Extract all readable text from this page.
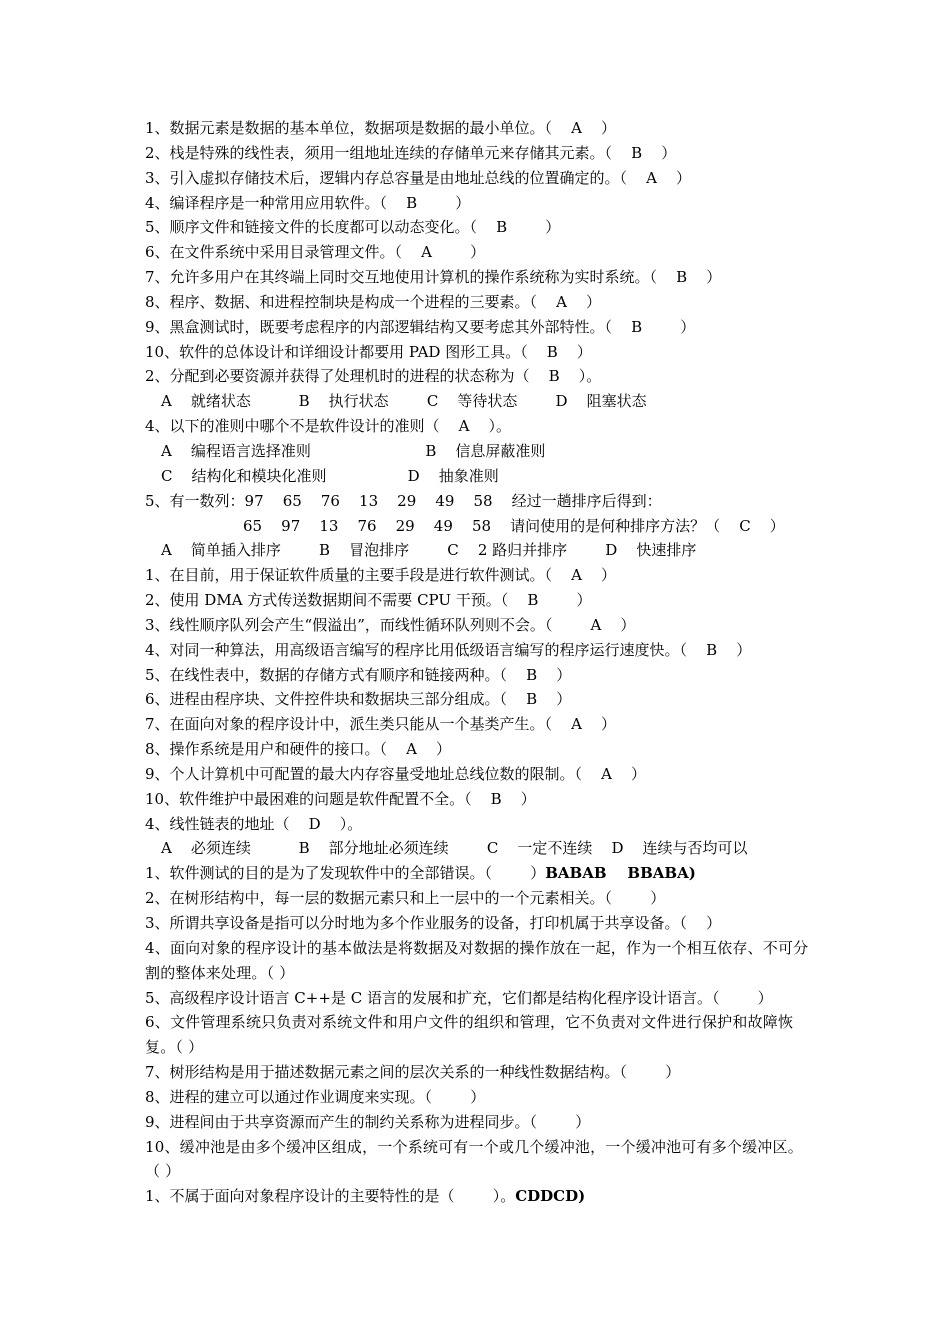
1、数据元素是数据的基本单位，数据项是数据的最小单位。（    A    ）
2、栈是特殊的线性表，须用一组地址连续的存储单元来存储其元素。（    B    ）
3、引入虚拟存储技术后，逻辑内存总容量是由地址总线的位置确定的。（    A    ）
4、编译程序是一种常用应用软件。（    B        ）
5、顺序文件和链接文件的长度都可以动态变化。（    B        ）
6、在文件系统中采用目录管理文件。（    A        ）
7、允许多用户在其终端上同时交互地使用计算机的操作系统称为实时系统。（    B    ）
8、程序、数据、和进程控制块是构成一个进程的三要素。（    A    ）
9、黑盒测试时，既要考虑程序的内部逻辑结构又要考虑其外部特性。（    B        ）
10、软件的总体设计和详细设计都要用 PAD 图形工具。（    B    ）
2、分配到必要资源并获得了处理机时的进程的状态称为（    B    ）。
A    就绪状态          B    执行状态        C    等待状态        D    阻塞状态
4、以下的准则中哪个不是软件设计的准则（    A    ）。
A    编程语言选择准则                        B    信息屏蔽准则
C    结构化和模块化准则                 D    抽象准则
5、有一数列：97    65    76    13    29    49    58    经过一趟排序后得到：
65    97    13    76    29    49    58    请问使用的是何种排序方法？（    C    ）
A    简单插入排序        B    冒泡排序        C    2 路归并排序        D    快速排序
1、在目前，用于保证软件质量的主要手段是进行软件测试。（    A    ）
2、使用 DMA 方式传送数据期间不需要 CPU 干预。（    B        ）
3、线性顺序队列会产生“假溢出”，而线性循环队列则不会。（        A    ）
4、对同一种算法，用高级语言编写的程序比用低级语言编写的程序运行速度快。（    B    ）
5、在线性表中，数据的存储方式有顺序和链接两种。（    B    ）
6、进程由程序块、文件控件块和数据块三部分组成。（    B    ）
7、在面向对象的程序设计中，派生类只能从一个基类产生。（    A    ）
8、操作系统是用户和硬件的接口。（    A    ）
9、个人计算机中可配置的最大内存容量受地址总线位数的限制。（    A    ）
10、软件维护中最困难的问题是软件配置不全。（    B    ）
4、线性链表的地址（    D    ）。
A    必须连续          B    部分地址必须连续        C    一定不连续    D    连续与否均可以
1、软件测试的目的是为了发现软件中的全部错误。（        ）BABAB    BBABA)
2、在树形结构中，每一层的数据元素只和上一层中的一个元素相关。（        ）
3、所谓共享设备是指可以分时地为多个作业服务的设备，打印机属于共享设备。（    ）
4、面向对象的程序设计的基本做法是将数据及对数据的操作放在一起，作为一个相互依存、不可分割的整体来处理。（ ）
5、高级程序设计语言 C++是 C 语言的发展和扩充，它们都是结构化程序设计语言。（        ）
6、文件管理系统只负责对系统文件和用户文件的组织和管理，它不负责对文件进行保护和故障恢复。（ ）
7、树形结构是用于描述数据元素之间的层次关系的一种线性数据结构。（        ）
8、进程的建立可以通过作业调度来实现。（        ）
9、进程间由于共享资源而产生的制约关系称为进程同步。（        ）
10、缓冲池是由多个缓冲区组成，一个系统可有一个或几个缓冲池，一个缓冲池可有多个缓冲区。（ ）
1、不属于面向对象程序设计的主要特性的是（        ）。CDDCD)
